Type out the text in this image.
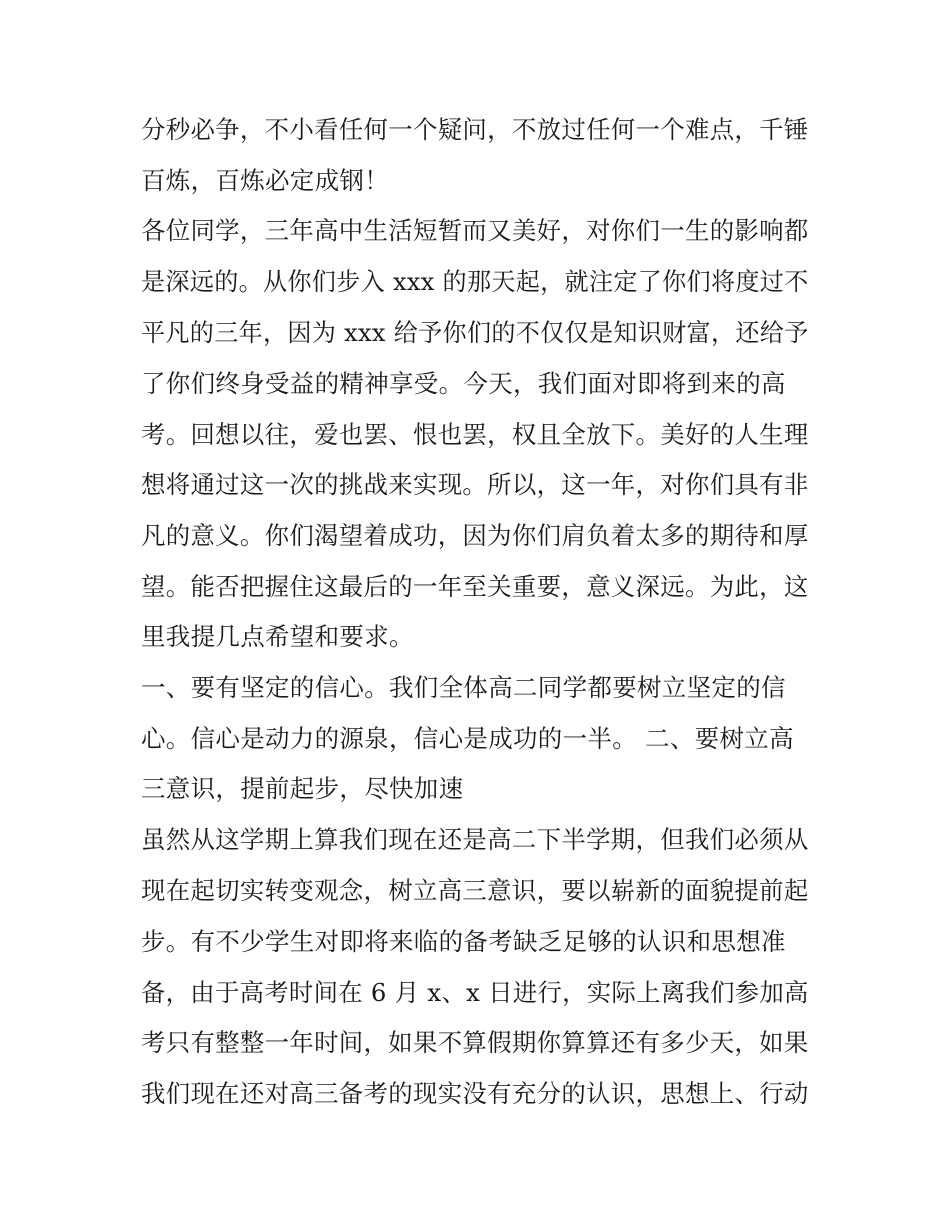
分秒必争，不小看任何一个疑问，不放过任何一个难点，千锤
百炼，百炼必定成钢！
各位同学，三年高中生活短暂而又美好，对你们一生的影响都
是深远的。从你们步入 xxx 的那天起，就注定了你们将度过不
平凡的三年，因为 xxx 给予你们的不仅仅是知识财富，还给予
了你们终身受益的精神享受。今天，我们面对即将到来的高
考。回想以往，爱也罢、恨也罢，权且全放下。美好的人生理
想将通过这一次的挑战来实现。所以，这一年，对你们具有非
凡的意义。你们渴望着成功，因为你们肩负着太多的期待和厚
望。能否把握住这最后的一年至关重要，意义深远。为此，这
里我提几点希望和要求。
一、要有坚定的信心。我们全体高二同学都要树立坚定的信
心。信心是动力的源泉，信心是成功的一半。 二、要树立高
三意识，提前起步，尽快加速
虽然从这学期上算我们现在还是高二下半学期，但我们必须从
现在起切实转变观念，树立高三意识，要以崭新的面貌提前起
步。有不少学生对即将来临的备考缺乏足够的认识和思想准
备，由于高考时间在 6 月 x、x 日进行，实际上离我们参加高
考只有整整一年时间，如果不算假期你算算还有多少天，如果
我们现在还对高三备考的现实没有充分的认识，思想上、行动
